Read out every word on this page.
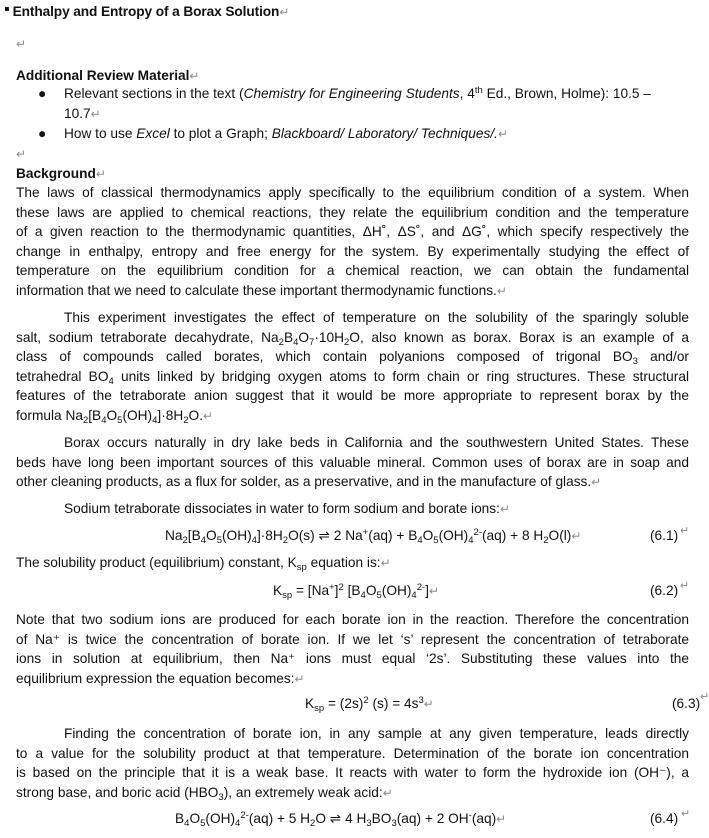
▪ Enthalpy and Entropy of a Borax Solution↵
↵
Additional Review Material↵
● Relevant sections in the text (Chemistry for Engineering Students, 4th Ed., Brown, Holme): 10.5 –
10.7↵
● How to use Excel to plot a Graph; Blackboard/ Laboratory/ Techniques/.↵
↵
Background↵
The laws of classical thermodynamics apply specifically to the equilibrium condition of a system. When
these laws are applied to chemical reactions, they relate the equilibrium condition and the temperature
of a given reaction to the thermodynamic quantities, ΔH˚, ΔS˚, and ΔG˚, which specify respectively the
change in enthalpy, entropy and free energy for the system. By experimentally studying the effect of
temperature on the equilibrium condition for a chemical reaction, we can obtain the fundamental
information that we need to calculate these important thermodynamic functions.↵
This experiment investigates the effect of temperature on the solubility of the sparingly soluble
salt, sodium tetraborate decahydrate, $Na_2B_4O_7\cdot 10H_2O$, also known as borax. Borax is an example of a
class of compounds called borates, which contain polyanions composed of trigonal $BO_3$ and/or
tetrahedral $BO_4$ units linked by bridging oxygen atoms to form chain or ring structures. These structural
features of the tetraborate anion suggest that it would be more appropriate to represent borax by the
formula $Na_2[B_4O_5(OH)_4]\cdot 8H_2O.↵$
Borax occurs naturally in dry lake beds in California and the southwestern United States. These
beds have long been important sources of this valuable mineral. Common uses of borax are in soap and
other cleaning products, as a flux for solder, as a preservative, and in the manufacture of glass.↵
Sodium tetraborate dissociates in water to form sodium and borate ions:↵
$Na_2[B_4O_5(OH)_4]\cdot 8H_2O(s)$ ⇌ 2 $Na^+(aq) + B_4O_5(OH)_4^{2-}(aq) + 8$ $H_2O(l)↵$	(6.1) ↵
The solubility product (equilibrium) constant, $K_{sp}$ equation is:↵
$K_{sp} = [Na^+]^2$ $[B_4O_5(OH)_4^{2-}]↵$	(6.2) ↵
Note that two sodium ions are produced for each borate ion in the reaction. Therefore the concentration
of Na⁺ is twice the concentration of borate ion. If we let ‘s’ represent the concentration of tetraborate
ions in solution at equilibrium, then Na⁺ ions must equal ‘2s’. Substituting these values into the
equilibrium expression the equation becomes:↵
$K_{sp} = (2s)^2$ $(s) = 4s^3↵$	(6.3) ↵
Finding the concentration of borate ion, in any sample at any given temperature, leads directly
to a value for the solubility product at that temperature. Determination of the borate ion concentration
is based on the principle that it is a weak base. It reacts with water to form the hydroxide ion (OH⁻), a
strong base, and boric acid $(HBO_3)$, an extremely weak acid:↵
$B_4O_5(OH)_4^{2-}(aq) + 5$ $H_2O$ ⇌ 4 $H_3BO_3(aq) + 2$ OH-(aq)↵	(6.4) ↵
